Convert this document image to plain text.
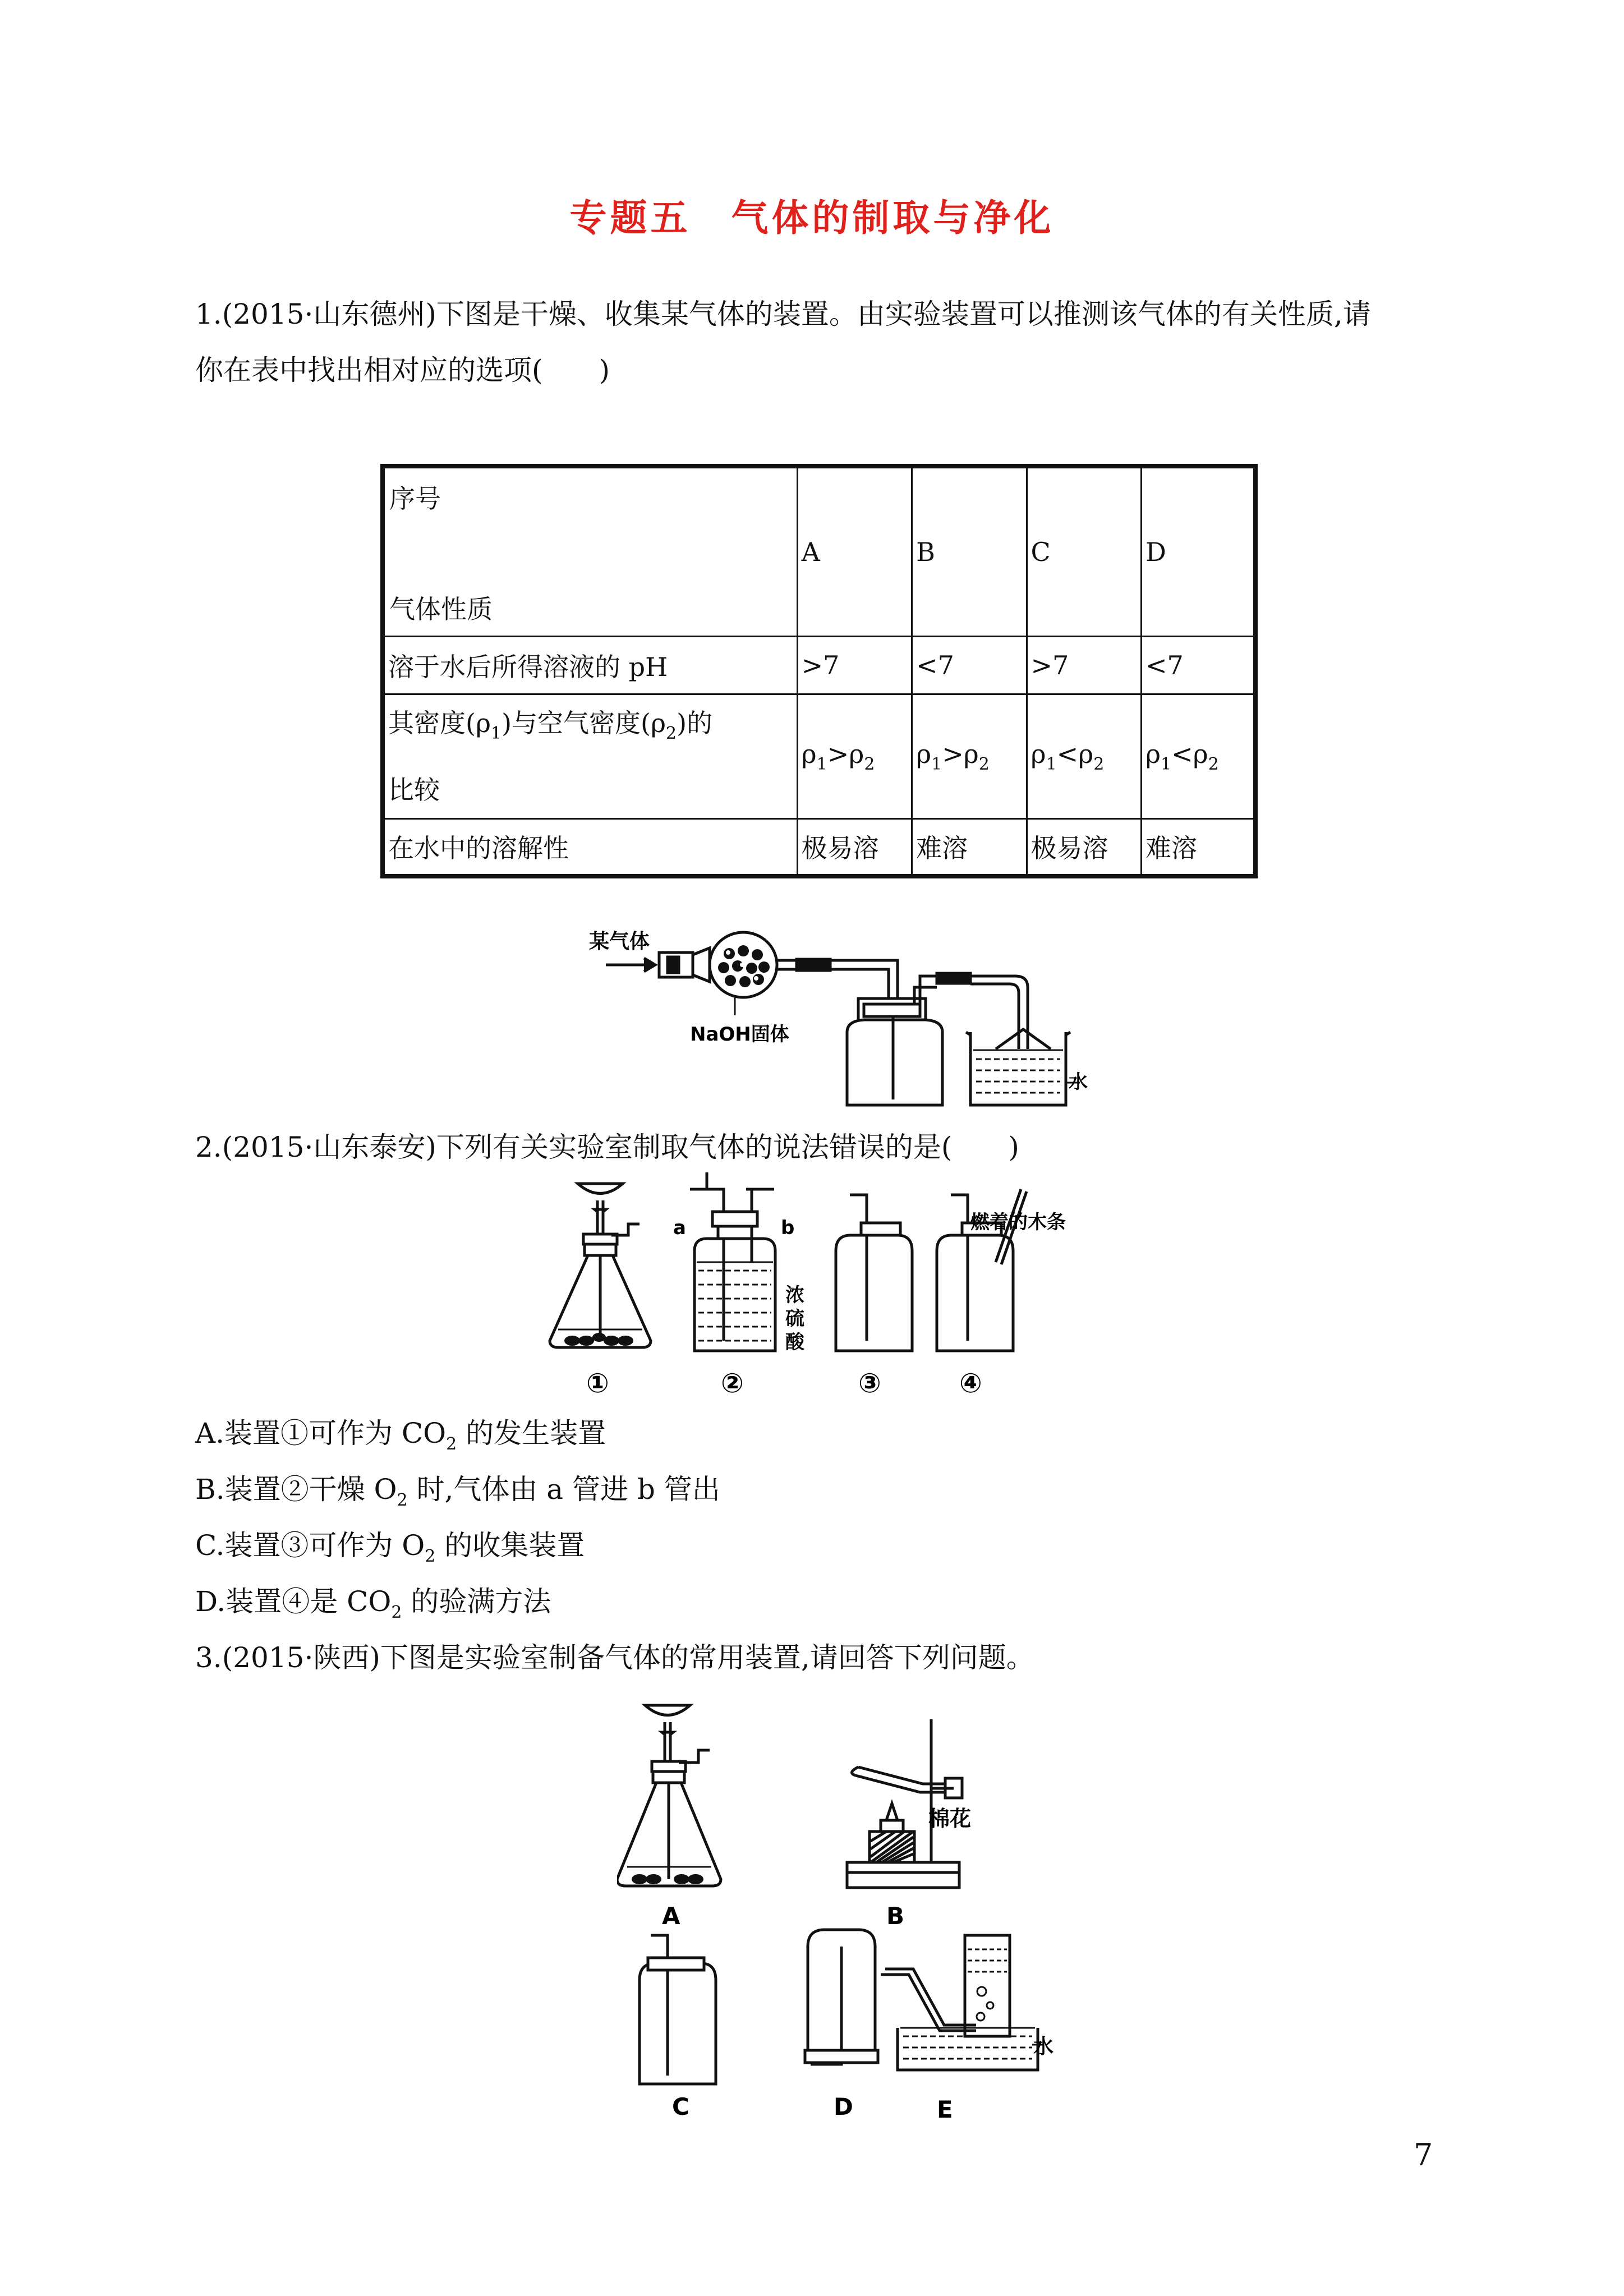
专题五　气体的制取与净化
1.(2015·山东德州)下图是干燥、收集某气体的装置。由实验装置可以推测该气体的有关性质,请
你在表中找出相对应的选项(　　)
序号
气体性质	A	B	C	D
溶于水后所得溶液的 pH	>7	<7	>7	<7
其密度$(\rho_1)$与空气密度$(\rho_2)$的
比较	$\rho_1>\rho_2$	$\rho_1>\rho_2$	$\rho_1<\rho_2$	$\rho_1<\rho_2$
在水中的溶解性	极易溶	难溶	极易溶	难溶
某气体
NaOH固体
水
2.(2015·山东泰安)下列有关实验室制取气体的说法错误的是(　　)
a	b
浓
硫
酸
燃着的木条
①	②	③	④
A.装置①可作为 $CO_2$ 的发生装置
B.装置②干燥 $O_2$ 时,气体由 a 管进 b 管出
C.装置③可作为 $O_2$ 的收集装置
D.装置④是 $CO_2$ 的验满方法
3.(2015·陕西)下图是实验室制备气体的常用装置,请回答下列问题。
棉花
水
A	B
C	D	E
7
